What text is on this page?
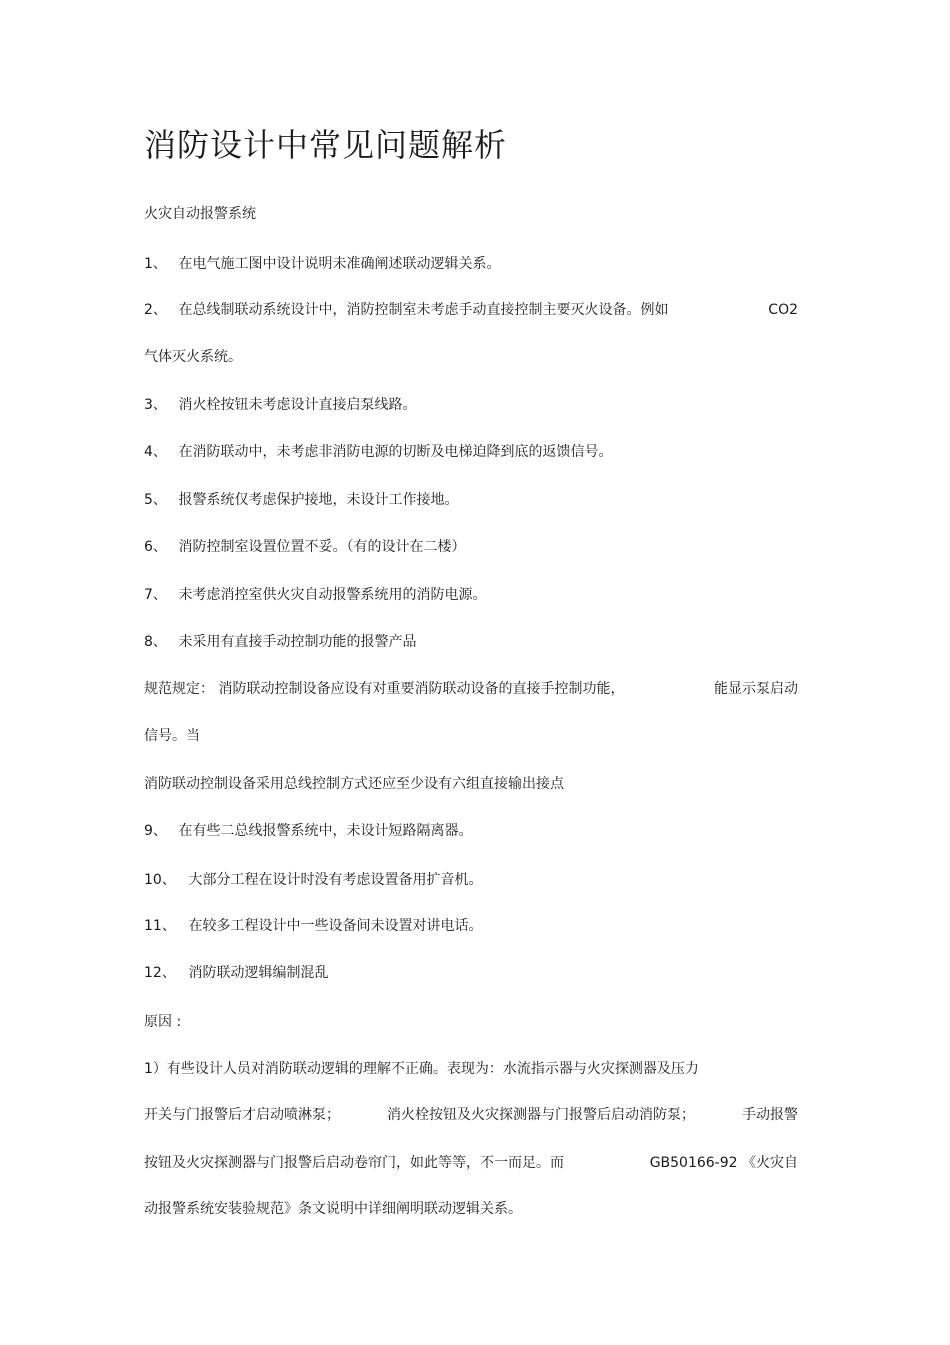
消防设计中常见问题解析
火灾自动报警系统
1、 在电气施工图中设计说明未准确阐述联动逻辑关系。
2、 在总线制联动系统设计中，消防控制室未考虑手动直接控制主要灭火设备。例如	CO2
气体灭火系统。
3、 消火栓按钮未考虑设计直接启泵线路。
4、 在消防联动中，未考虑非消防电源的切断及电梯迫降到底的返馈信号。
5、 报警系统仅考虑保护接地，未设计工作接地。
6、 消防控制室设置位置不妥。（有的设计在二楼）
7、 未考虑消控室供火灾自动报警系统用的消防电源。
8、 未采用有直接手动控制功能的报警产品
规范规定： 消防联动控制设备应设有对重要消防联动设备的直接手控制功能，	能显示泵启动
信号。当
消防联动控制设备采用总线控制方式还应至少设有六组直接输出接点
9、 在有些二总线报警系统中，未设计短路隔离器。
10、 大部分工程在设计时没有考虑设置备用扩音机。
11、 在较多工程设计中一些设备间未设置对讲电话。
12、 消防联动逻辑编制混乱
原因 :
1）有些设计人员对消防联动逻辑的理解不正确。表现为：水流指示器与火灾探测器及压力
开关与门报警后才启动喷淋泵；	消火栓按钮及火灾探测器与门报警后启动消防泵；	手动报警
按钮及火灾探测器与门报警后启动卷帘门，如此等等，不一而足。而	GB50166-92 《火灾自
动报警系统安装验规范》条文说明中详细阐明联动逻辑关系。
